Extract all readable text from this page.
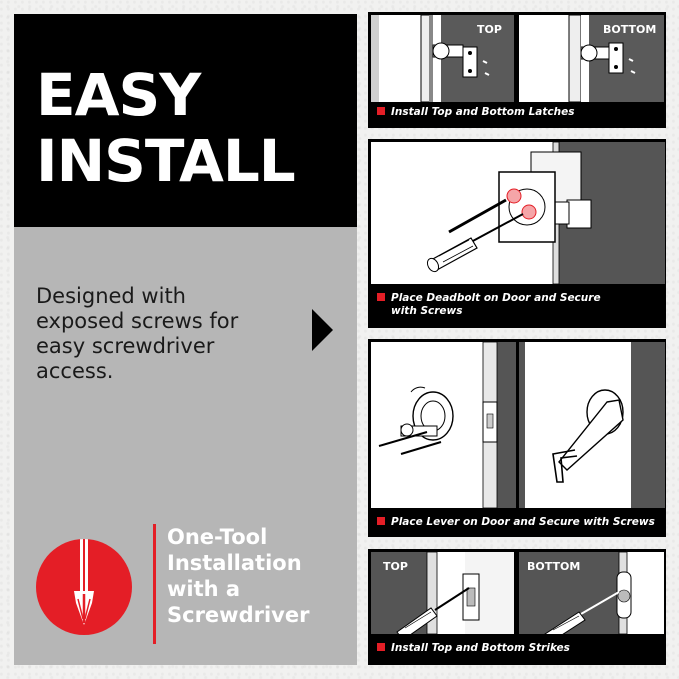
EASY
INSTALL
Designed with
exposed screws for
easy screwdriver
access.
One-Tool
Installation
with a
Screwdriver
TOP	BOTTOM
Install Top and Bottom Latches
Place Deadbolt on Door and Secure
with Screws
Place Lever on Door and Secure with Screws
TOP	BOTTOM
Install Top and Bottom Strikes
